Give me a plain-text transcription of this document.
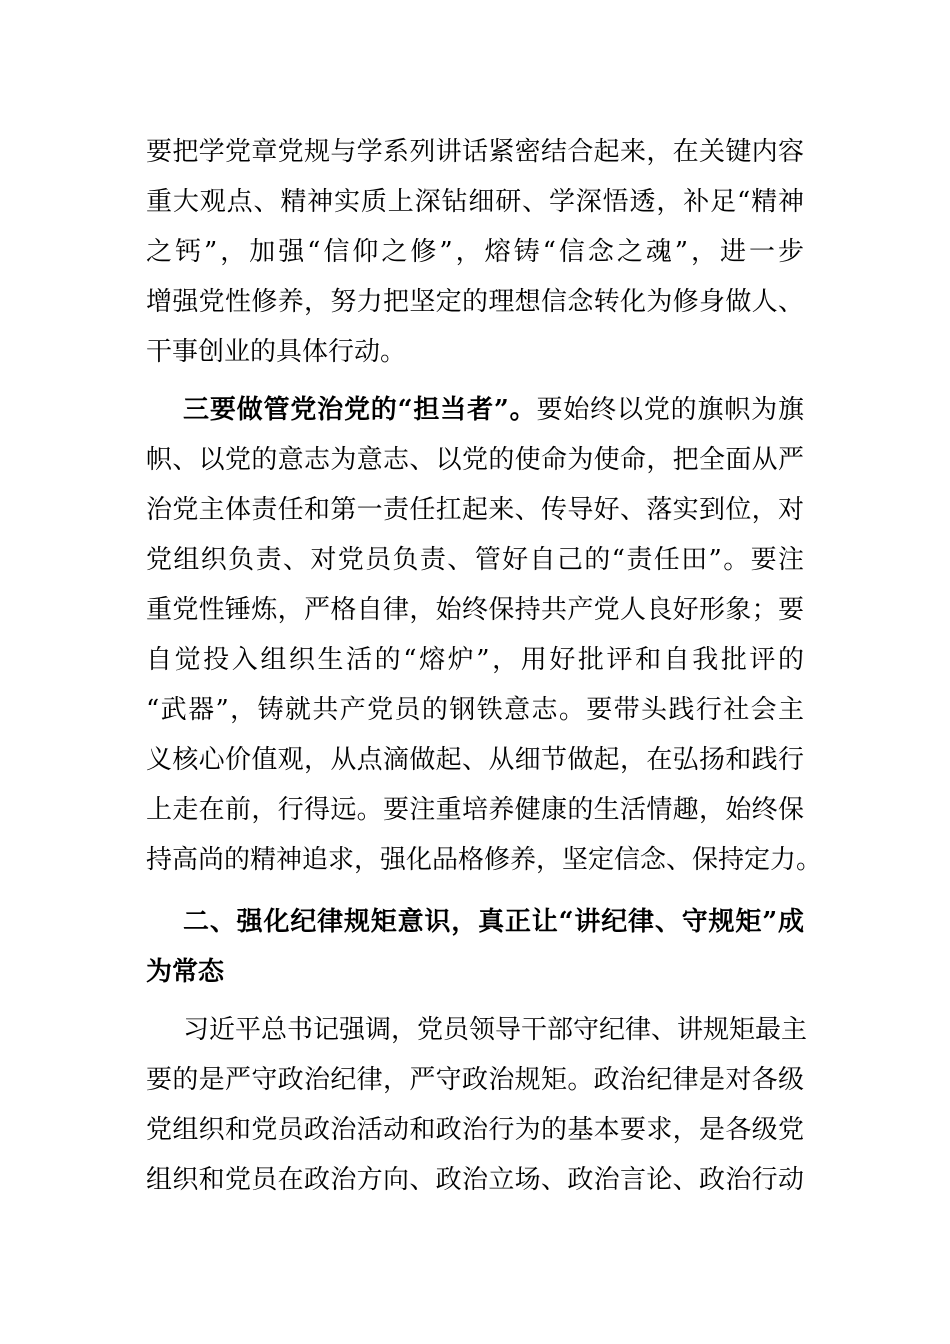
要把学党章党规与学系列讲话紧密结合起来，在关键内容
重大观点、精神实质上深钻细研、学深悟透，补足“精神
之钙”，加强“信仰之修”，熔铸“信念之魂”，进一步
增强党性修养，努力把坚定的理想信念转化为修身做人、
干事创业的具体行动。
三要做管党治党的“担当者”。要始终以党的旗帜为旗
帜、以党的意志为意志、以党的使命为使命，把全面从严
治党主体责任和第一责任扛起来、传导好、落实到位，对
党组织负责、对党员负责、管好自己的“责任田”。要注
重党性锤炼，严格自律，始终保持共产党人良好形象；要
自觉投入组织生活的“熔炉”，用好批评和自我批评的
“武器”，铸就共产党员的钢铁意志。要带头践行社会主
义核心价值观，从点滴做起、从细节做起，在弘扬和践行
上走在前，行得远。要注重培养健康的生活情趣，始终保
持高尚的精神追求，强化品格修养，坚定信念、保持定力。
二、强化纪律规矩意识，真正让“讲纪律、守规矩”成
为常态
习近平总书记强调，党员领导干部守纪律、讲规矩最主
要的是严守政治纪律，严守政治规矩。政治纪律是对各级
党组织和党员政治活动和政治行为的基本要求，是各级党
组织和党员在政治方向、政治立场、政治言论、政治行动
